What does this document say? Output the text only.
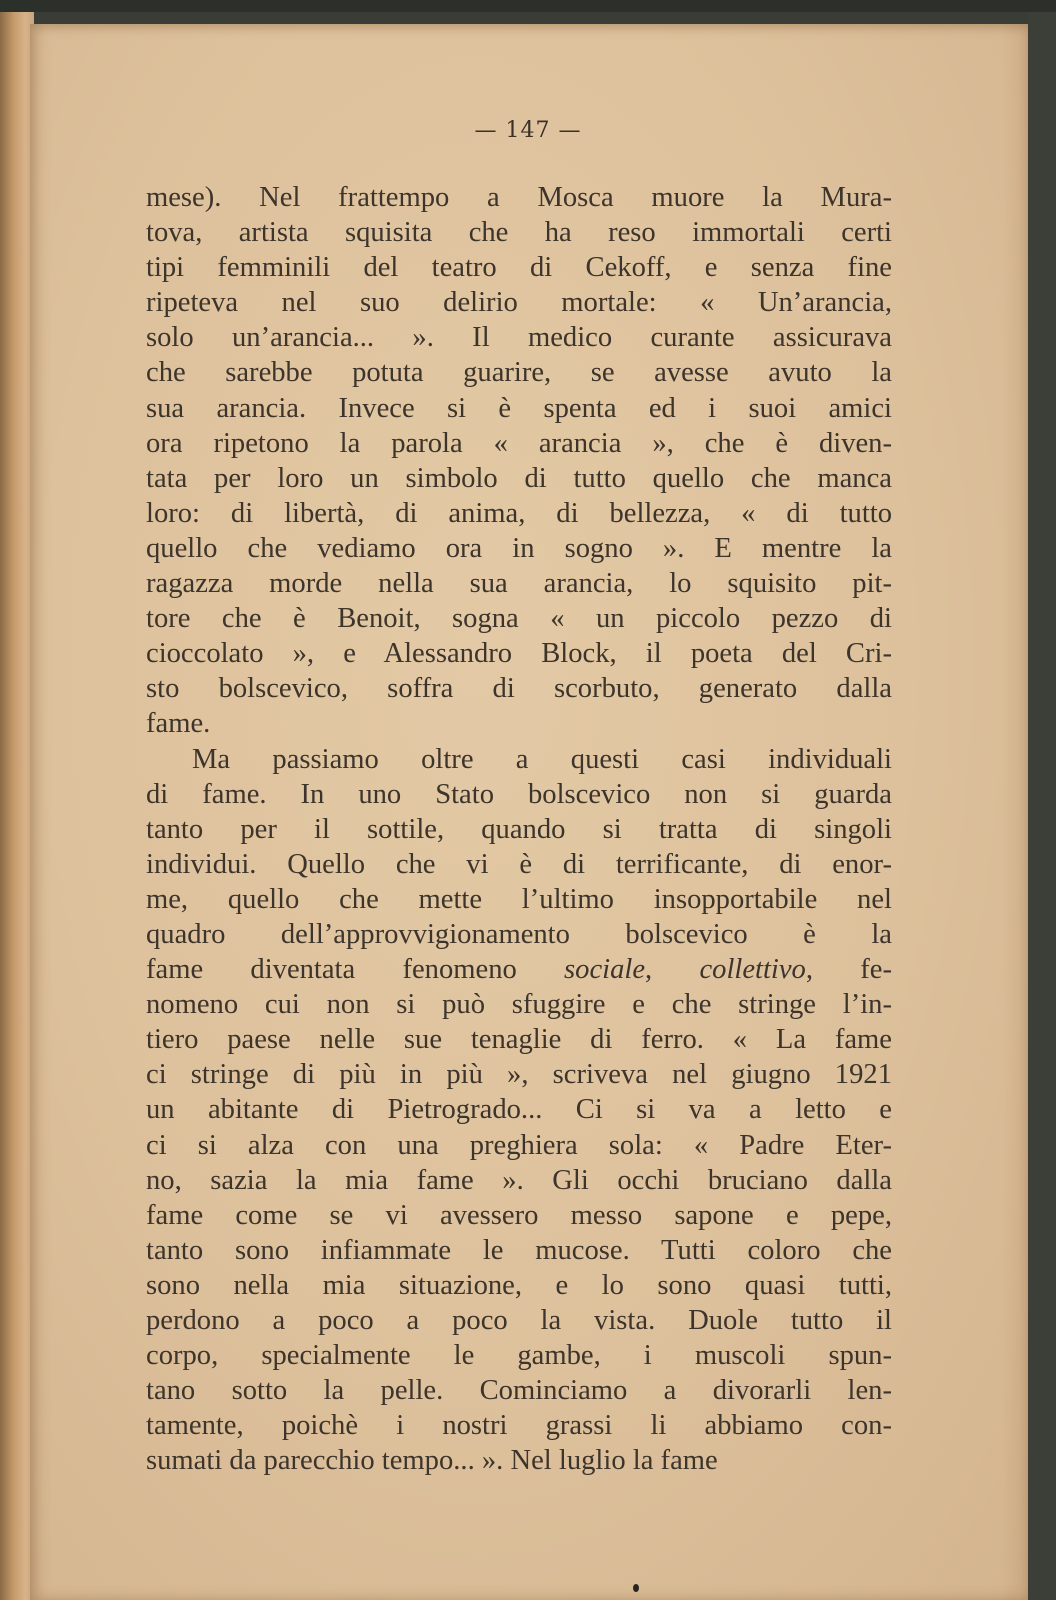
— 147 —
mese). Nel frattempo a Mosca muore la Mura-
tova, artista squisita che ha reso immortali certi
tipi femminili del teatro di Cekoff, e senza fine
ripeteva nel suo delirio mortale: « Un’arancia,
solo un’arancia... ». Il medico curante assicurava
che sarebbe potuta guarire, se avesse avuto la
sua arancia. Invece si è spenta ed i suoi amici
ora ripetono la parola « arancia », che è diven-
tata per loro un simbolo di tutto quello che manca
loro: di libertà, di anima, di bellezza, « di tutto
quello che vediamo ora in sogno ». E mentre la
ragazza morde nella sua arancia, lo squisito pit-
tore che è Benoit, sogna « un piccolo pezzo di
cioccolato », e Alessandro Block, il poeta del Cri-
sto bolscevico, soffra di scorbuto, generato dalla
fame.
Ma passiamo oltre a questi casi individuali
di fame. In uno Stato bolscevico non si guarda
tanto per il sottile, quando si tratta di singoli
individui. Quello che vi è di terrificante, di enor-
me, quello che mette l’ultimo insopportabile nel
quadro dell’approvvigionamento bolscevico è la
fame diventata fenomeno sociale, collettivo, fe-
nomeno cui non si può sfuggire e che stringe l’in-
tiero paese nelle sue tenaglie di ferro. « La fame
ci stringe di più in più », scriveva nel giugno 1921
un abitante di Pietrogrado... Ci si va a letto e
ci si alza con una preghiera sola: « Padre Eter-
no, sazia la mia fame ». Gli occhi bruciano dalla
fame come se vi avessero messo sapone e pepe,
tanto sono infiammate le mucose. Tutti coloro che
sono nella mia situazione, e lo sono quasi tutti,
perdono a poco a poco la vista. Duole tutto il
corpo, specialmente le gambe, i muscoli spun-
tano sotto la pelle. Cominciamo a divorarli len-
tamente, poichè i nostri grassi li abbiamo con-
sumati da parecchio tempo... ». Nel luglio la fame
